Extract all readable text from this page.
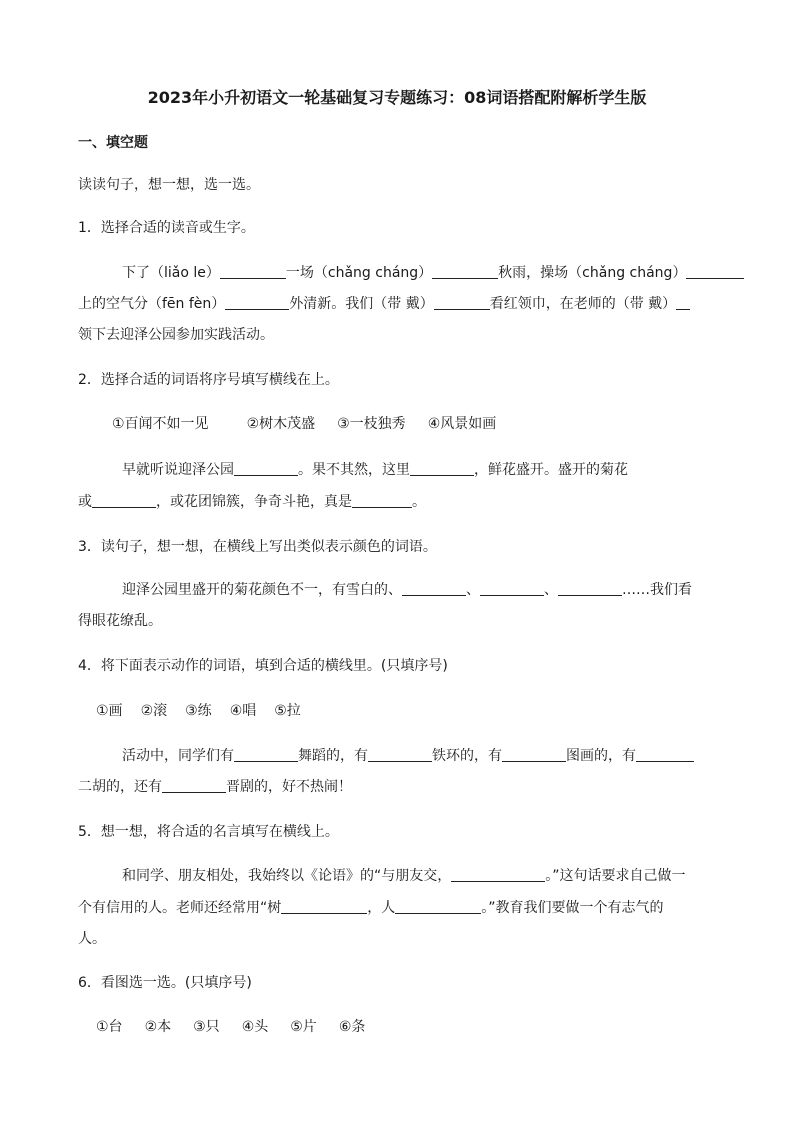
2023年小升初语文一轮基础复习专题练习：08词语搭配附解析学生版
一、填空题
读读句子，想一想，选一选。
1．选择合适的读音或生字。
下了（liǎo le）	一场（chǎng cháng）	秋雨，操场（chǎng cháng）
上的空气分（fēn fèn）	外清新。我们（带 戴）	看红领巾，在老师的（带 戴）
领下去迎泽公园参加实践活动。
2．选择合适的词语将序号填写横线在上。
①百闻不如一见	②树木茂盛 ③一枝独秀 ④风景如画
早就听说迎泽公园	。果不其然，这里	，鲜花盛开。盛开的菊花
或	，或花团锦簇，争奇斗艳，真是	。
3．读句子，想一想，在横线上写出类似表示颜色的词语。
迎泽公园里盛开的菊花颜色不一，有雪白的、	、	、	……我们看
得眼花缭乱。
4．将下面表示动作的词语，填到合适的横线里。(只填序号)
①画 ②滚 ③练 ④唱 ⑤拉
活动中，同学们有	舞蹈的，有	铁环的，有	图画的，有
二胡的，还有	晋剧的，好不热闹！
5．想一想，将合适的名言填写在横线上。
和同学、朋友相处，我始终以《论语》的“与朋友交，	。”这句话要求自己做一
个有信用的人。老师还经常用“树	，人	。”教育我们要做一个有志气的
人。
6．看图选一选。(只填序号)
①台 ②本 ③只 ④头 ⑤片 ⑥条
